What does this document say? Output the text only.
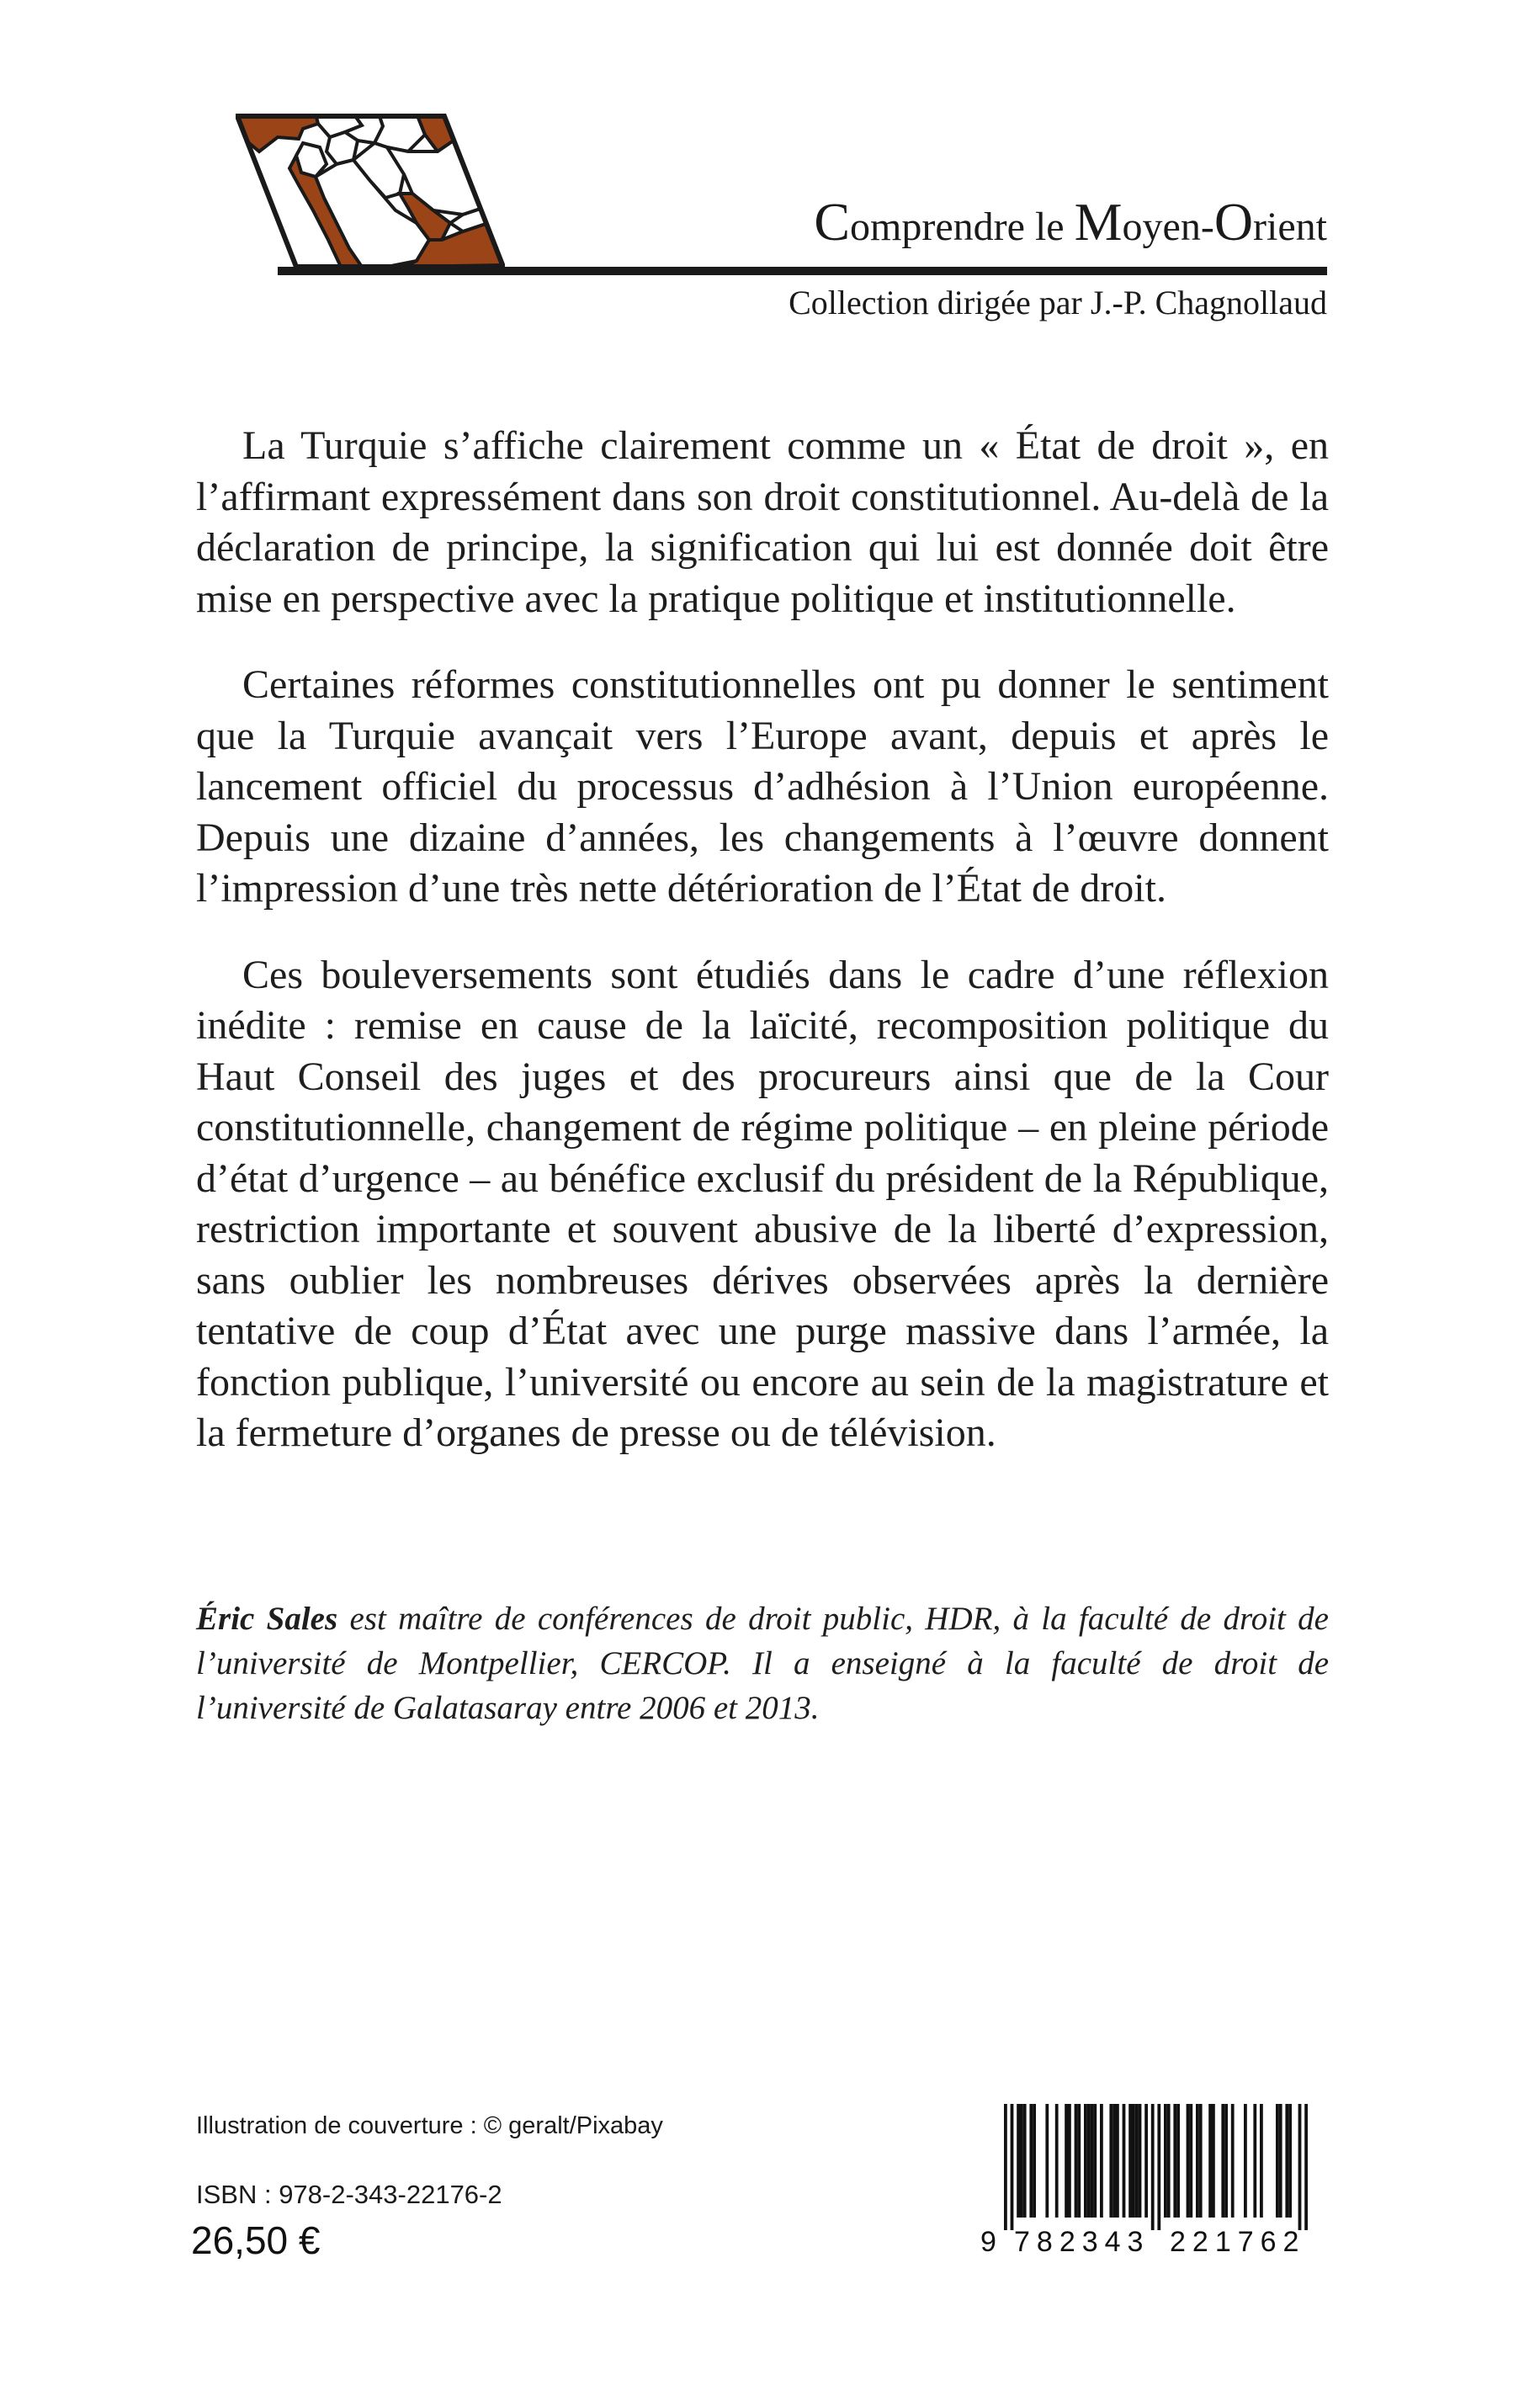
Comprendre le Moyen-Orient
Collection dirigée par J.-P. Chagnollaud

La Turquie s’affiche clairement comme un « État de droit », en l’affirmant expressément dans son droit constitutionnel. Au-delà de la déclaration de principe, la signification qui lui est donnée doit être mise en perspective avec la pratique politique et institutionnelle.

Certaines réformes constitutionnelles ont pu donner le sentiment que la Turquie avançait vers l’Europe avant, depuis et après le lancement officiel du processus d’adhésion à l’Union européenne. Depuis une dizaine d’années, les changements à l’œuvre donnent l’impression d’une très nette détérioration de l’État de droit.

Ces bouleversements sont étudiés dans le cadre d’une réflexion inédite : remise en cause de la laïcité, recomposition politique du Haut Conseil des juges et des procureurs ainsi que de la Cour constitutionnelle, changement de régime politique – en pleine période d’état d’urgence – au bénéfice exclusif du président de la République, restriction importante et souvent abusive de la liberté d’expression, sans oublier les nombreuses dérives observées après la dernière tentative de coup d’État avec une purge massive dans l’armée, la fonction publique, l’université ou encore au sein de la magistrature et la fermeture d’organes de presse ou de télévision.

Éric Sales est maître de conférences de droit public, HDR, à la faculté de droit de l’université de Montpellier, CERCOP. Il a enseigné à la faculté de droit de l’université de Galatasaray entre 2006 et 2013.

Illustration de couverture : © geralt/Pixabay
ISBN : 978-2-343-22176-2
26,50 €	9 782343 221762
